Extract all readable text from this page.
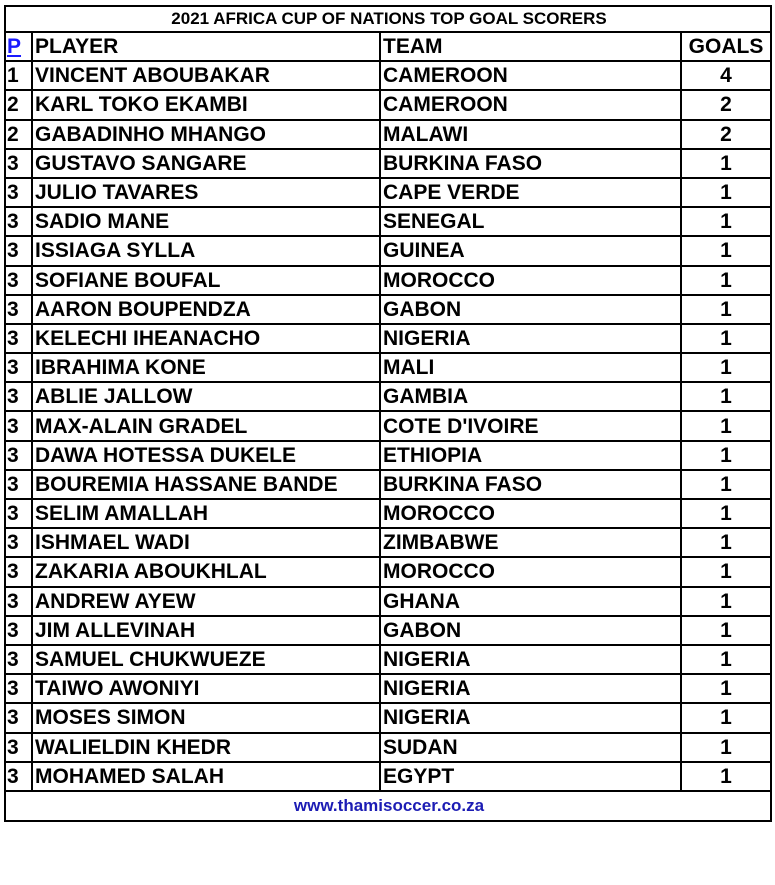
2021 AFRICA CUP OF NATIONS TOP GOAL SCORERS			
P	PLAYER	TEAM	GOALS
1	VINCENT ABOUBAKAR	CAMEROON	4
2	KARL TOKO EKAMBI	CAMEROON	2
2	GABADINHO MHANGO	MALAWI	2
3	GUSTAVO SANGARE	BURKINA FASO	1
3	JULIO TAVARES	CAPE VERDE	1
3	SADIO MANE	SENEGAL	1
3	ISSIAGA SYLLA	GUINEA	1
3	SOFIANE BOUFAL	MOROCCO	1
3	AARON BOUPENDZA	GABON	1
3	KELECHI IHEANACHO	NIGERIA	1
3	IBRAHIMA KONE	MALI	1
3	ABLIE JALLOW	GAMBIA	1
3	MAX-ALAIN GRADEL	COTE D'IVOIRE	1
3	DAWA HOTESSA DUKELE	ETHIOPIA	1
3	BOUREMIA HASSANE BANDE	BURKINA FASO	1
3	SELIM AMALLAH	MOROCCO	1
3	ISHMAEL WADI	ZIMBABWE	1
3	ZAKARIA ABOUKHLAL	MOROCCO	1
3	ANDREW AYEW	GHANA	1
3	JIM ALLEVINAH	GABON	1
3	SAMUEL CHUKWUEZE	NIGERIA	1
3	TAIWO AWONIYI	NIGERIA	1
3	MOSES SIMON	NIGERIA	1
3	WALIELDIN KHEDR	SUDAN	1
3	MOHAMED SALAH	EGYPT	1
www.thamisoccer.co.za			
